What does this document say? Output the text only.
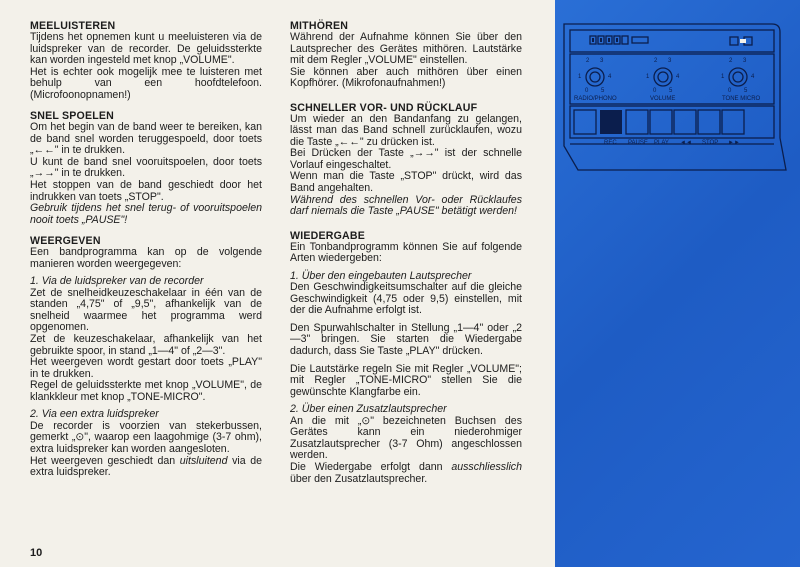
MEELUISTEREN

Tijdens het opnemen kunt u meeluisteren via de luidspreker van de recorder. De geluidssterkte kan worden ingesteld met knop „VOLUME".

Het is echter ook mogelijk mee te luisteren met behulp van een hoofdtelefoon. (Microfoonopnamen!)

SNEL SPOELEN

Om het begin van de band weer te bereiken, kan de band snel worden teruggespoeld, door toets „←←" in te drukken.

U kunt de band snel vooruitspoelen, door toets „→→" in te drukken.

Het stoppen van de band geschiedt door het indrukken van toets „STOP".

Gebruik tijdens het snel terug- of vooruitspoelen nooit toets „PAUSE"!

WEERGEVEN

Een bandprogramma kan op de volgende manieren worden weergegeven:

1. Via de luidspreker van de recorder

Zet de snelheidkeuzeschakelaar in één van de standen „4,75" of „9,5", afhankelijk van de snelheid waarmee het programma werd opgenomen.

Zet de keuzeschakelaar, afhankelijk van het gebruikte spoor, in stand „1—4" of „2—3".

Het weergeven wordt gestart door toets „PLAY" in te drukken.

Regel de geluidssterkte met knop „VOLUME", de klankkleur met knop „TONE-MICRO".

2. Via een extra luidspreker

De recorder is voorzien van stekerbussen, gemerkt „⊙", waarop een laagohmige (3-7 ohm), extra luidspreker kan worden aangesloten.

Het weergeven geschiedt dan uitsluitend via de extra luidspreker.

MITHÖREN

Während der Aufnahme können Sie über den Lautsprecher des Gerätes mithören. Lautstärke mit dem Regler „VOLUME" einstellen.

Sie können aber auch mithören über einen Kopfhörer. (Mikrofonaufnahmen!)

SCHNELLER VOR- UND RÜCKLAUF

Um wieder an den Bandanfang zu gelangen, lässt man das Band schnell zurücklaufen, wozu die Taste „←←" zu drücken ist.

Bei Drücken der Taste „→→" ist der schnelle Vorlauf eingeschaltet.

Wenn man die Taste „STOP" drückt, wird das Band angehalten.

Während des schnellen Vor- oder Rücklaufes darf niemals die Taste „PAUSE" betätigt werden!

WIEDERGABE

Ein Tonbandprogramm können Sie auf folgende Arten wiedergeben:

1. Über den eingebauten Lautsprecher

Den Geschwindigkeitsumschalter auf die gleiche Geschwindigkeit (4,75 oder 9,5) einstellen, mit der die Aufnahme erfolgt ist.

Den Spurwahlschalter in Stellung „1—4" oder „2—3" bringen. Sie starten die Wiedergabe dadurch, dass Sie Taste „PLAY" drücken.

Die Lautstärke regeln Sie mit Regler „VOLUME"; mit Regler „TONE-MICRO" stellen Sie die gewünschte Klangfarbe ein.

2. Über einen Zusatzlautsprecher

An die mit „⊙" bezeichneten Buchsen des Gerätes kann ein niederohmiger Zusatzlautsprecher (3-7 Ohm) angeschlossen werden.

Die Wiedergabe erfolgt dann ausschliesslich über den Zusatzlautsprecher.

10
2 3
1	4
0 5
2 3
1	4
0 5
2 3
1	4
0 5
RADIO/PHONO	VOLUME	TONE MICRO
REC PAUSE PLAY ◄◄ STOP ►►
